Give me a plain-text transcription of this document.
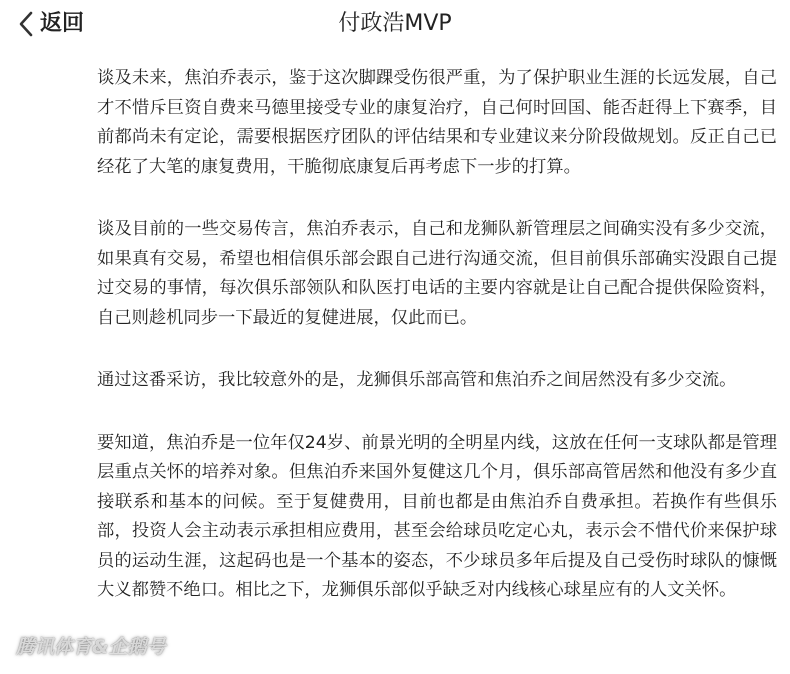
返回	付政浩MVP

谈及未来，焦泊乔表示，鉴于这次脚踝受伤很严重，为了保护职业生涯的长远发展，自己才不惜斥巨资自费来马德里接受专业的康复治疗，自己何时回国、能否赶得上下赛季，目前都尚未有定论，需要根据医疗团队的评估结果和专业建议来分阶段做规划。反正自己已经花了大笔的康复费用，干脆彻底康复后再考虑下一步的打算。

谈及目前的一些交易传言，焦泊乔表示，自己和龙狮队新管理层之间确实没有多少交流，如果真有交易，希望也相信俱乐部会跟自己进行沟通交流，但目前俱乐部确实没跟自己提过交易的事情，每次俱乐部领队和队医打电话的主要内容就是让自己配合提供保险资料，自己则趁机同步一下最近的复健进展，仅此而已。

通过这番采访，我比较意外的是，龙狮俱乐部高管和焦泊乔之间居然没有多少交流。

要知道，焦泊乔是一位年仅24岁、前景光明的全明星内线，这放在任何一支球队都是管理层重点关怀的培养对象。但焦泊乔来国外复健这几个月，俱乐部高管居然和他没有多少直接联系和基本的问候。至于复健费用，目前也都是由焦泊乔自费承担。若换作有些俱乐部，投资人会主动表示承担相应费用，甚至会给球员吃定心丸，表示会不惜代价来保护球员的运动生涯，这起码也是一个基本的姿态，不少球员多年后提及自己受伤时球队的慷慨大义都赞不绝口。相比之下，龙狮俱乐部似乎缺乏对内线核心球星应有的人文关怀。

腾讯体育&企鹅号
